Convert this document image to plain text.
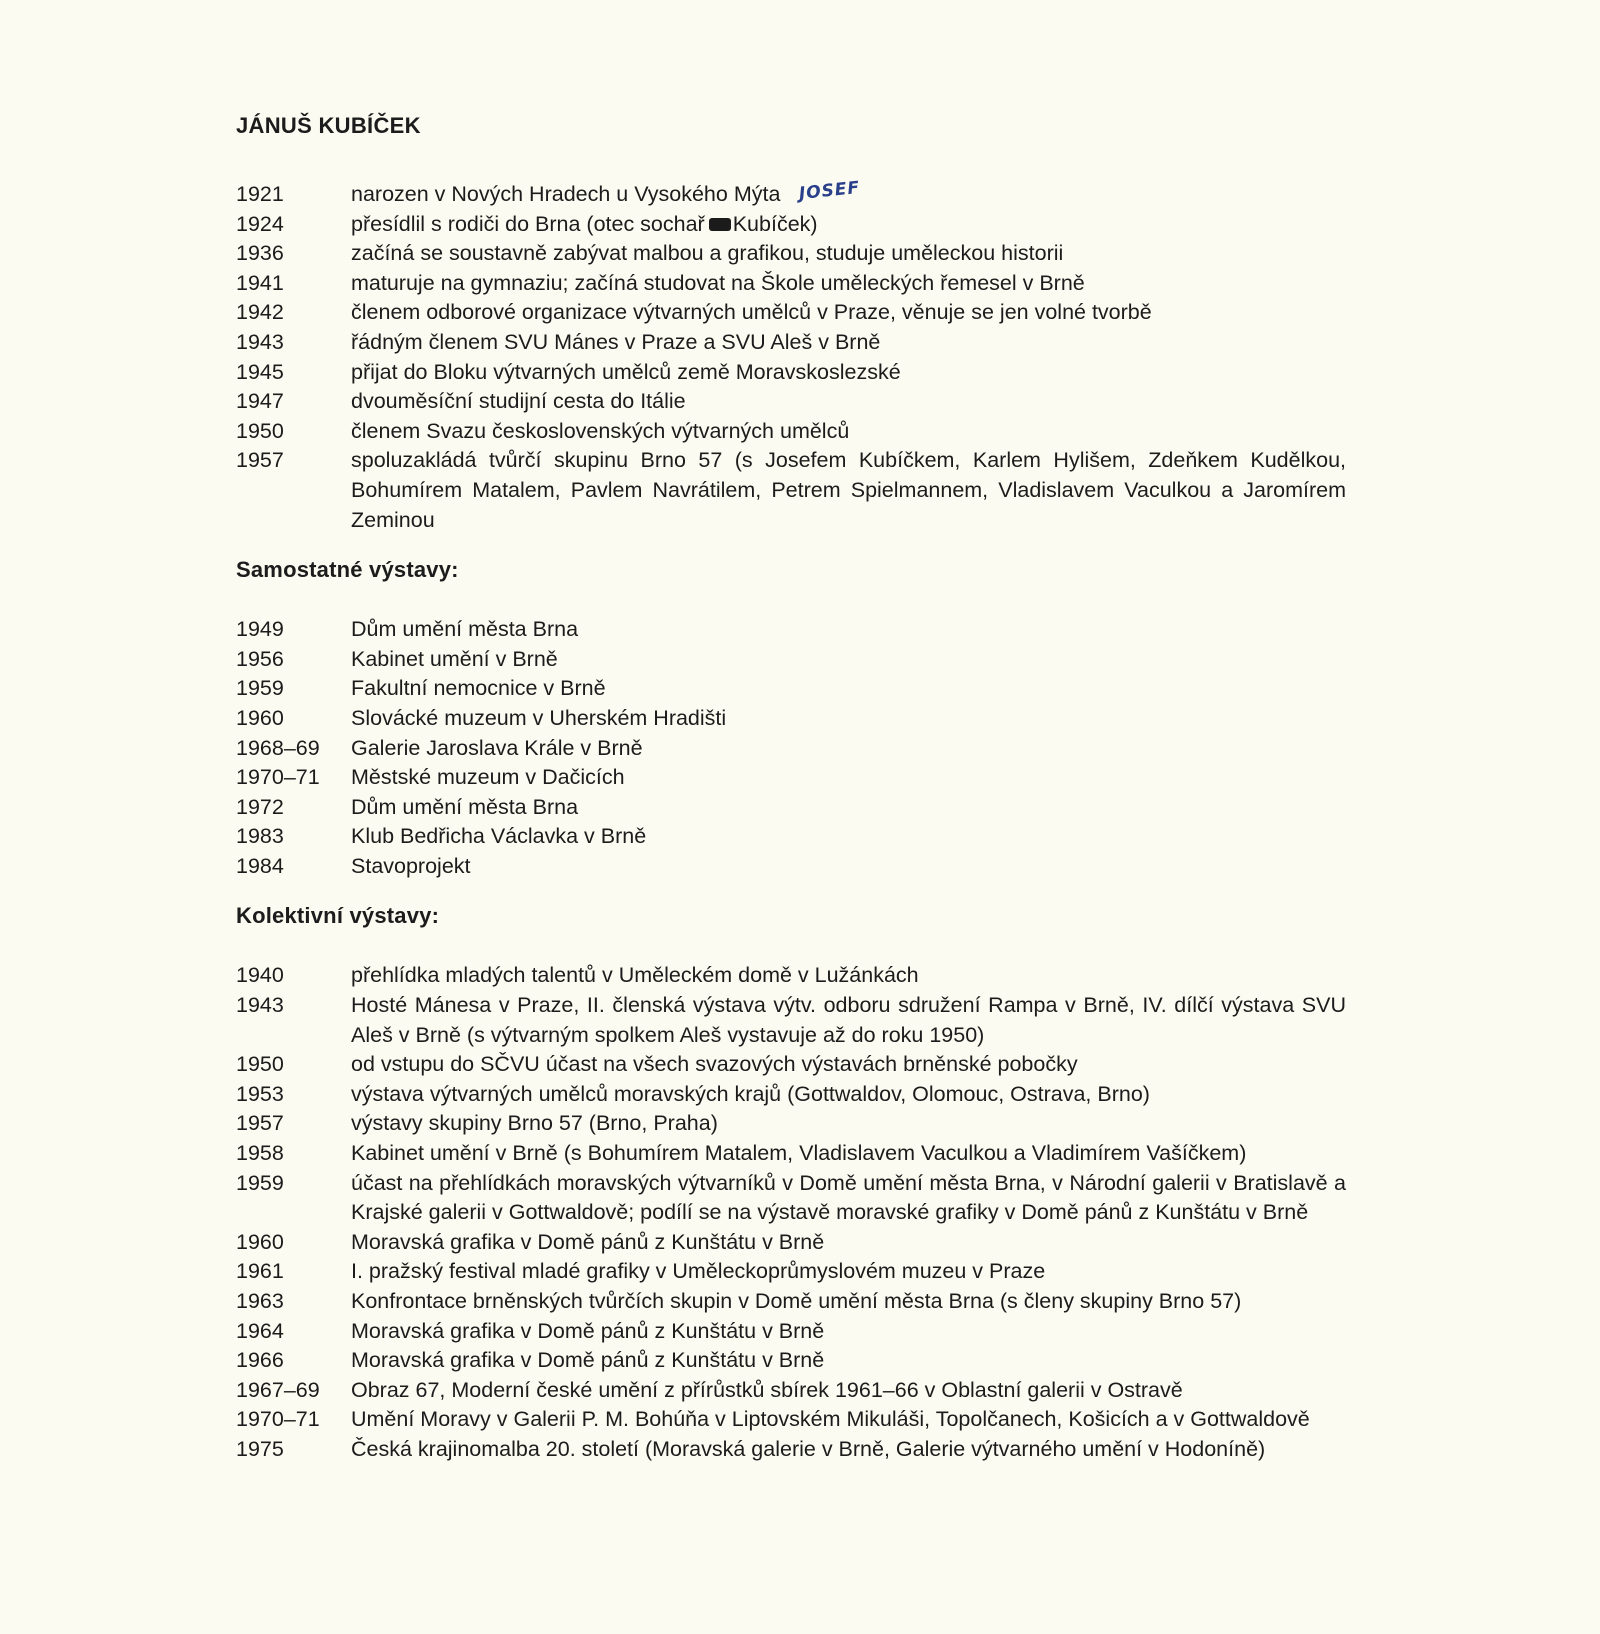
JÁNUŠ KUBÍČEK
1921	narozen v Nových Hradech u Vysokého Mýta JOSEF
1924	přesídlil s rodiči do Brna (otec sochař Kubíček)
1936	začíná se soustavně zabývat malbou a grafikou, studuje uměleckou historii
1941	maturuje na gymnaziu; začíná studovat na Škole uměleckých řemesel v Brně
1942	členem odborové organizace výtvarných umělců v Praze, věnuje se jen volné tvorbě
1943	řádným členem SVU Mánes v Praze a SVU Aleš v Brně
1945	přijat do Bloku výtvarných umělců země Moravskoslezské
1947	dvouměsíční studijní cesta do Itálie
1950	členem Svazu československých výtvarných umělců
1957	spoluzakládá tvůrčí skupinu Brno 57 (s Josefem Kubíčkem, Karlem Hylišem, Zdeňkem Kudělkou, Bohumírem Matalem, Pavlem Navrátilem, Petrem Spielmannem, Vladislavem Vaculkou a Jaromírem Zeminou
Samostatné výstavy:
1949	Dům umění města Brna
1956	Kabinet umění v Brně
1959	Fakultní nemocnice v Brně
1960	Slovácké muzeum v Uherském Hradišti
1968–69	Galerie Jaroslava Krále v Brně
1970–71	Městské muzeum v Dačicích
1972	Dům umění města Brna
1983	Klub Bedřicha Václavka v Brně
1984	Stavoprojekt
Kolektivní výstavy:
1940	přehlídka mladých talentů v Uměleckém domě v Lužánkách
1943	Hosté Mánesa v Praze, II. členská výstava výtv. odboru sdružení Rampa v Brně, IV. dílčí výstava SVU Aleš v Brně (s výtvarným spolkem Aleš vystavuje až do roku 1950)
1950	od vstupu do SČVU účast na všech svazových výstavách brněnské pobočky
1953	výstava výtvarných umělců moravských krajů (Gottwaldov, Olomouc, Ostrava, Brno)
1957	výstavy skupiny Brno 57 (Brno, Praha)
1958	Kabinet umění v Brně (s Bohumírem Matalem, Vladislavem Vaculkou a Vladimírem Vašíčkem)
1959	účast na přehlídkách moravských výtvarníků v Domě umění města Brna, v Národní galerii v Bratislavě a Krajské galerii v Gottwaldově; podílí se na výstavě moravské grafiky v Domě pánů z Kunštátu v Brně
1960	Moravská grafika v Domě pánů z Kunštátu v Brně
1961	I. pražský festival mladé grafiky v Uměleckoprůmyslovém muzeu v Praze
1963	Konfrontace brněnských tvůrčích skupin v Domě umění města Brna (s členy skupiny Brno 57)
1964	Moravská grafika v Domě pánů z Kunštátu v Brně
1966	Moravská grafika v Domě pánů z Kunštátu v Brně
1967–69	Obraz 67, Moderní české umění z přírůstků sbírek 1961–66 v Oblastní galerii v Ostravě
1970–71	Umění Moravy v Galerii P. M. Bohúňa v Liptovském Mikuláši, Topolčanech, Košicích a v Gottwaldově
1975	Česká krajinomalba 20. století (Moravská galerie v Brně, Galerie výtvarného umění v Hodoníně)
